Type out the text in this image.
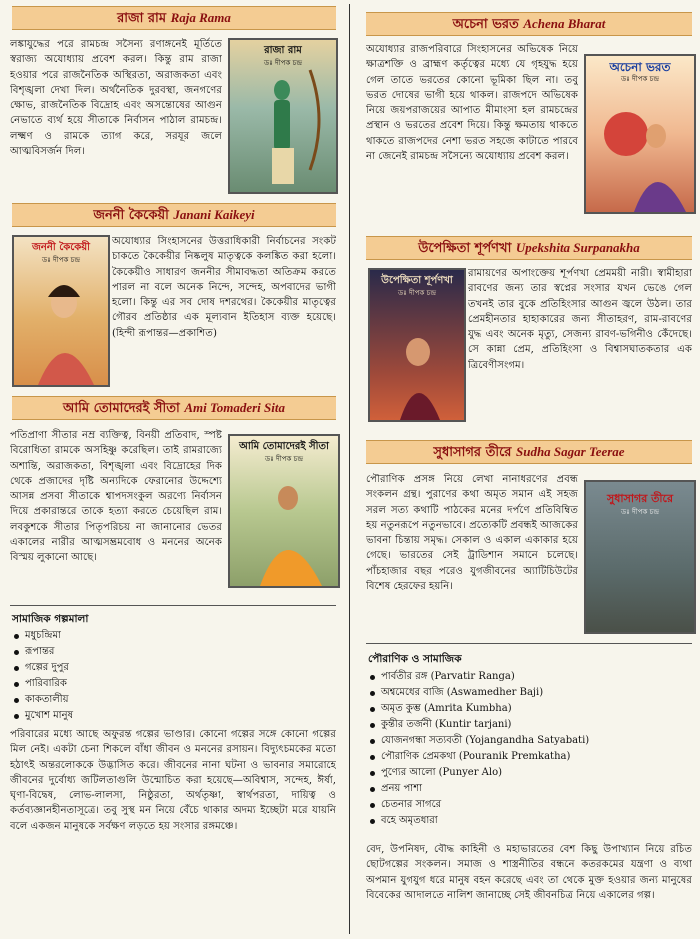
রাজা রাম Raja Rama
লঙ্কাযুদ্ধের পরে রামচন্দ্র সসৈন্য রণাঙ্গনেই মূর্তিতে স্বরাজ্য অযোধ্যায় প্রবেশ করল। কিন্তু রাম রাজা হওয়ার পরে রাজনৈতিক অস্থিরতা, অরাজকতা এবং বিশৃঙ্খলা দেখা দিল। অর্থনৈতিক দুরবস্থা, জনগণের ক্ষোভ, রাজনৈতিক বিদ্রোহ এবং অসন্তোষের আগুন নেভাতে ব্যর্থ হয়ে সীতাকে নির্বাসন পাঠাল রামচন্দ্র। লক্ষ্মণ ও রামকে ত্যাগ করে, সরযূর জলে আত্মবিসর্জন দিল।
রাজা রাম
ডঃ দীপক চন্দ্র
জননী কৈকেয়ী Janani Kaikeyi
জননী কৈকেয়ী
ডঃ দীপক চন্দ্র
অযোধ্যার সিংহাসনের উত্তরাধিকারী নির্বাচনের সংকট চাকতে কৈকেয়ীর নিষ্কলুষ মাতৃত্বকে কলঙ্কিত করা হলো। কৈকেয়ীও সাধারণ জননীর সীমাবদ্ধতা অতিক্রম করতে পারল না বলে অনেক নিন্দে, সন্দেহ, অপবাদের ভাগী হলো। কিন্তু এর সব দোষ দশরথের। কৈকেয়ীর মাতৃত্বের গৌরব প্রতিষ্ঠার এক মূল্যবান ইতিহাস ব্যক্ত হয়েছে। (হিন্দী রূপান্তর—প্রকাশিত)
আমি তোমাদেরই সীতা Ami Tomaderi Sita
পতিপ্রাণা সীতার নম্র ব্যক্তিত্ব, বিনয়ী প্রতিবাদ, স্পষ্ট বিরোধিতা রামকে অসহিষ্ণু করেছিল। তাই রামরাজ্যে অশান্তি, অরাজকতা, বিশৃঙ্খলা এবং বিদ্রোহের দিক থেকে প্রজাদের দৃষ্টি অন্যদিকে ফেরানোর উদ্দেশ্যে আসন্ন প্রসবা সীতাকে শ্বাপদসংকুল অরণ্যে নির্বাসন দিয়ে প্রকারান্তরে তাকে হত্যা করতে চেয়েছিল রাম। লবকুশকে সীতার পিতৃপরিচয় না জানানোর ভেতর একালের নারীর আত্মসম্ভ্রমবোধ ও মননের অনেক বিস্ময় লুকানো আছে।
আমি তোমাদেরই সীতা
ডঃ দীপক চন্দ্র
সামাজিক গল্পমালা
মধুচন্দ্রিমা
রূপান্তর
গল্পের দুপুর
পারিবারিক
কাকতালীয়
মুখোশ মানুষ
পরিবারের মধ্যে আছে অফুরন্ত গল্পের ভাণ্ডার। কোনো গল্পের সঙ্গে কোনো গল্পের মিল নেই। একটা চেনা শিকলে বাঁধা জীবন ও মননের রসায়ন। বিদ্যুৎচমকের মতো হঠাৎই অন্তরলোককে উদ্ভাসিত করে। জীবনের নানা ঘটনা ও ভাবনার সমারোহে জীবনের দুর্বোধ্য জটিলতাগুলি উন্মোচিত করা হয়েছে—অবিশ্বাস, সন্দেহ, ঈর্ষা, ঘৃণা-বিদ্বেষ, লোভ-লালসা, নিষ্ঠুরতা, অর্থতৃষ্ণা, স্বার্থপরতা, দায়িত্ব ও কর্তব্যজ্ঞানহীনতাসূত্রে। তবু সুস্থ মন নিয়ে বেঁচে থাকার অদম্য ইচ্ছেটা মরে যায়নি বলে একজন মানুষকে সর্বক্ষণ লড়তে হয় সংসার রঙ্গমঞ্চে।
অচেনা ভরত Achena Bharat
অযোধ্যার রাজপরিবারে সিংহাসনের অভিষেক নিয়ে ক্ষাত্রশক্তি ও ব্রাহ্মণ কর্তৃত্বের মধ্যে যে গৃহযুদ্ধ হয়ে গেল তাতে ভরতের কোনো ভূমিকা ছিল না। তবু ভরত দোষের ভাগী হয়ে থাকল। রাজপদে অভিষেক নিয়ে জয়পরাজয়ের আপাত মীমাংসা হল রামচন্দ্রের প্রস্থান ও ভরতের প্রবেশ দিয়ে। কিন্তু ক্ষমতায় থাকতে থাকতে রাজপদের নেশা ভরত সহজে কাটাতে পারবে না জেনেই রামচন্দ্র সসৈন্যে অযোধ্যায় প্রবেশ করল।
অচেনা ভরত
ডঃ দীপক চন্দ্র
উপেক্ষিতা শূর্পণখা Upekshita Surpanakha
উপেক্ষিতা শূর্পণখা
ডঃ দীপক চন্দ্র
রামায়ণের অপাংক্তেয় শূর্পণখা প্রেমময়ী নারী। স্বামীহারা রাবণের জন্য তার স্বপ্নের সংসার যখন ভেঙে গেল তখনই তার বুকে প্রতিহিংসার আগুন জ্বলে উঠল। তার প্রেমহীনতার হাহাকারের জন্য সীতাহরণ, রাম-রাবণের যুদ্ধ এবং অনেক মৃত্যু, সেজন্য রাবণ-ভগিনীও কেঁদেছে। সে কান্না প্রেম, প্রতিহিংসা ও বিশ্বাসঘাতকতার এক ত্রিবেণীসংগম।
সুধাসাগর তীরে Sudha Sagar Teerae
পৌরাণিক প্রসঙ্গ নিয়ে লেখা নানাধরণের প্রবন্ধ সংকলন গ্রন্থ। পুরাণের কথা অমৃত সমান এই সহজ সরল সত্য কথাটি পাঠকের মনের দর্পণে প্রতিবিম্বিত হয় নতুনরূপে নতুনভাবে। প্রত্যেকটি প্রবন্ধই আজকের ভাবনা চিন্তায় সমৃদ্ধ। সেকাল ও একাল একাকার হয়ে গেছে। ভারতের সেই ট্রাডিশান সমানে চলেছে। পাঁচহাজার বছর পরেও যুগজীবনের অ্যাটিচিউটের বিশেষ হেরফের হয়নি।
সুধাসাগর তীরে
ডঃ দীপক চন্দ্র
পৌরাণিক ও সামাজিক
পার্বতীর রঙ্গ (Parvatir Ranga)
অশ্বমেধের বাজি (Aswamedher Baji)
অমৃত কুম্ভ (Amrita Kumbha)
কুন্তীর তর্জনী (Kuntir tarjani)
যোজনগন্ধা সত্যবতী (Yojangandha Satyabati)
পৌরাণিক প্রেমকথা (Pouranik Premkatha)
পুণ্যের আলো (Punyer Alo)
প্রনয় পাশা
চেতনার সাগরে
বহে অমৃতধারা
বেদ, উপনিষদ, বৌদ্ধ কাহিনী ও মহাভারতের বেশ কিছু উপাখ্যান নিয়ে রচিত ছোটগল্পের সংকলন। সমাজ ও শাস্ত্রনীতির বন্ধনে কতরকমের যন্ত্রণা ও ব্যথা অপমান যুগযুগ ধরে মানুষ বহন করেছে এবং তা থেকে মুক্ত হওয়ার জন্য মানুষের বিবেকের আদালতে নালিশ জানাচ্ছে সেই জীবনচিত্র নিয়ে একালের গল্প।
